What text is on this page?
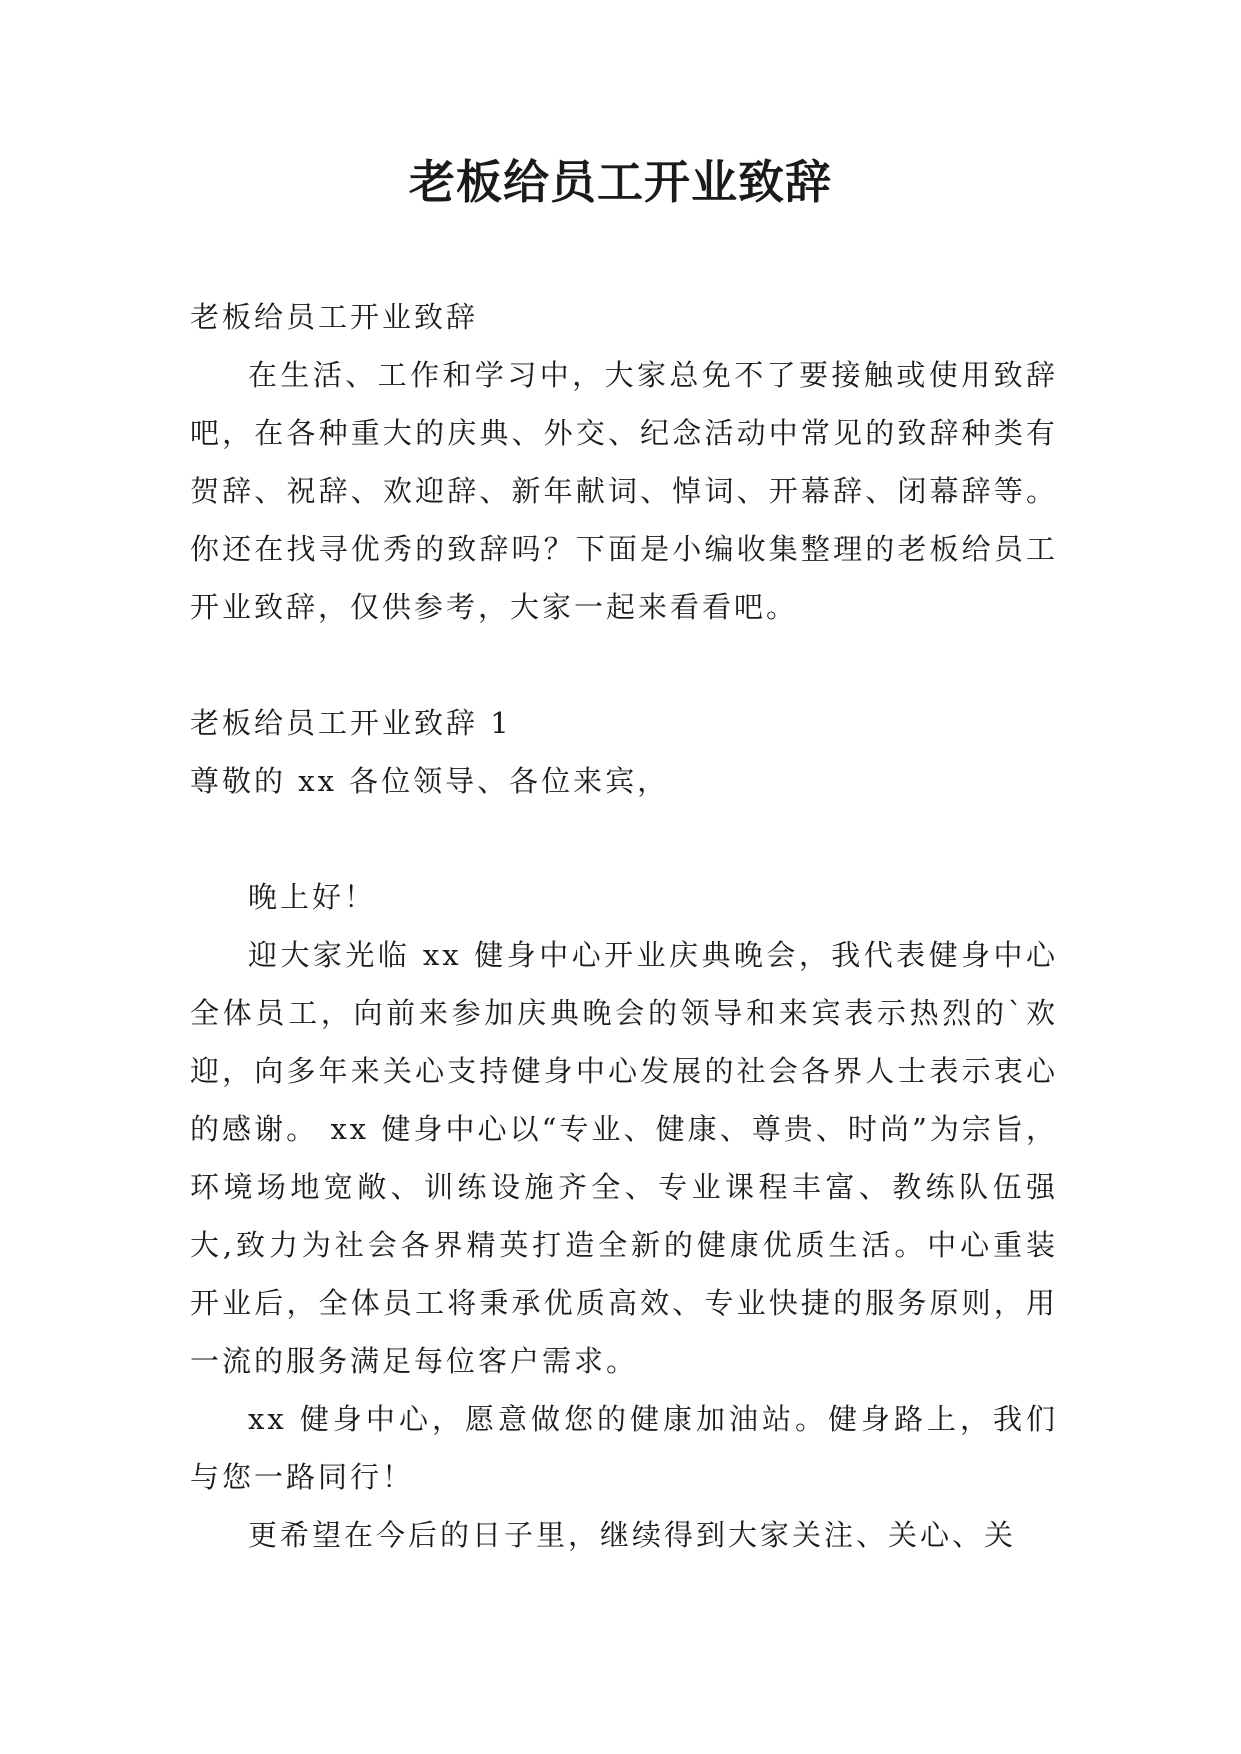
老板给员工开业致辞

老板给员工开业致辞

在生活、工作和学习中，大家总免不了要接触或使用致辞吧，在各种重大的庆典、外交、纪念活动中常见的致辞种类有贺辞、祝辞、欢迎辞、新年献词、悼词、开幕辞、闭幕辞等。你还在找寻优秀的致辞吗？下面是小编收集整理的老板给员工开业致辞，仅供参考，大家一起来看看吧。

老板给员工开业致辞 1

尊敬的 xx 各位领导、各位来宾，

晚上好！

迎大家光临 xx 健身中心开业庆典晚会，我代表健身中心全体员工，向前来参加庆典晚会的领导和来宾表示热烈的`欢迎，向多年来关心支持健身中心发展的社会各界人士表示衷心的感谢。 xx 健身中心以“专业、健康、尊贵、时尚”为宗旨，环境场地宽敞、训练设施齐全、专业课程丰富、教练队伍强大,致力为社会各界精英打造全新的健康优质生活。中心重装开业后，全体员工将秉承优质高效、专业快捷的服务原则，用一流的服务满足每位客户需求。

xx 健身中心，愿意做您的健康加油站。健身路上，我们与您一路同行！

更希望在今后的日子里，继续得到大家关注、关心、关
